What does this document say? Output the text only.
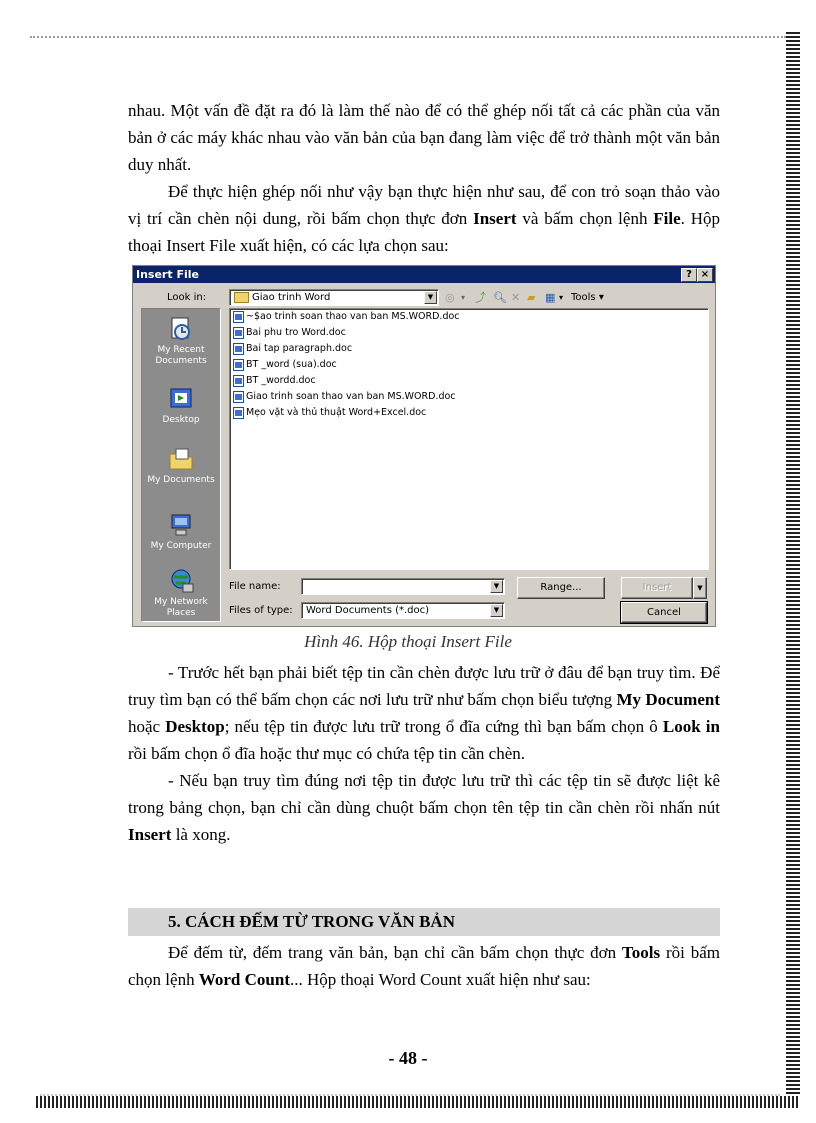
nhau. Một vấn đề đặt ra đó là làm thế nào để có thể ghép nối tất cả các phần của văn bản ở các máy khác nhau vào văn bản của bạn đang làm việc để trở thành một văn bản duy nhất.

Để thực hiện ghép nối như vậy bạn thực hiện như sau, để con trỏ soạn thảo vào vị trí cần chèn nội dung, rồi bấm chọn thực đơn Insert và bấm chọn lệnh File. Hộp thoại Insert File xuất hiện, có các lựa chọn sau:

Insert File	? ×
Look in:	Giao trinh Word	▼	◎ ▾ ⤴ 🔍︎ ✕ ▰ ▦ ▾ Tools ▾
My Recent Documents
Desktop
My Documents
My Computer
My Network Places
~$ao trinh soan thao van ban MS.WORD.doc
Bai phu tro Word.doc
Bai tap paragraph.doc
BT _word (sua).doc
BT _wordd.doc
Giao trinh soan thao van ban MS.WORD.doc
Mẹo vặt và thủ thuật Word+Excel.doc
File name:	▼
Files of type:	Word Documents (*.doc)	▼
Range...	Insert	▼
Cancel
Hình 46. Hộp thoại Insert File

- Trước hết bạn phải biết tệp tin cần chèn được lưu trữ ở đâu để bạn truy tìm. Để truy tìm bạn có thể bấm chọn các nơi lưu trữ như bấm chọn biểu tượng My Document hoặc Desktop; nếu tệp tin được lưu trữ trong ổ đĩa cứng thì bạn bấm chọn ô Look in rồi bấm chọn ổ đĩa hoặc thư mục có chứa tệp tin cần chèn.

- Nếu bạn truy tìm đúng nơi tệp tin được lưu trữ thì các tệp tin sẽ được liệt kê trong bảng chọn, bạn chỉ cần dùng chuột bấm chọn tên tệp tin cần chèn rồi nhấn nút Insert là xong.

5. CÁCH ĐẾM TỪ TRONG VĂN BẢN

Để đếm từ, đếm trang văn bản, bạn chỉ cần bấm chọn thực đơn Tools rồi bấm chọn lệnh Word Count... Hộp thoại Word Count xuất hiện như sau:

- 48 -
